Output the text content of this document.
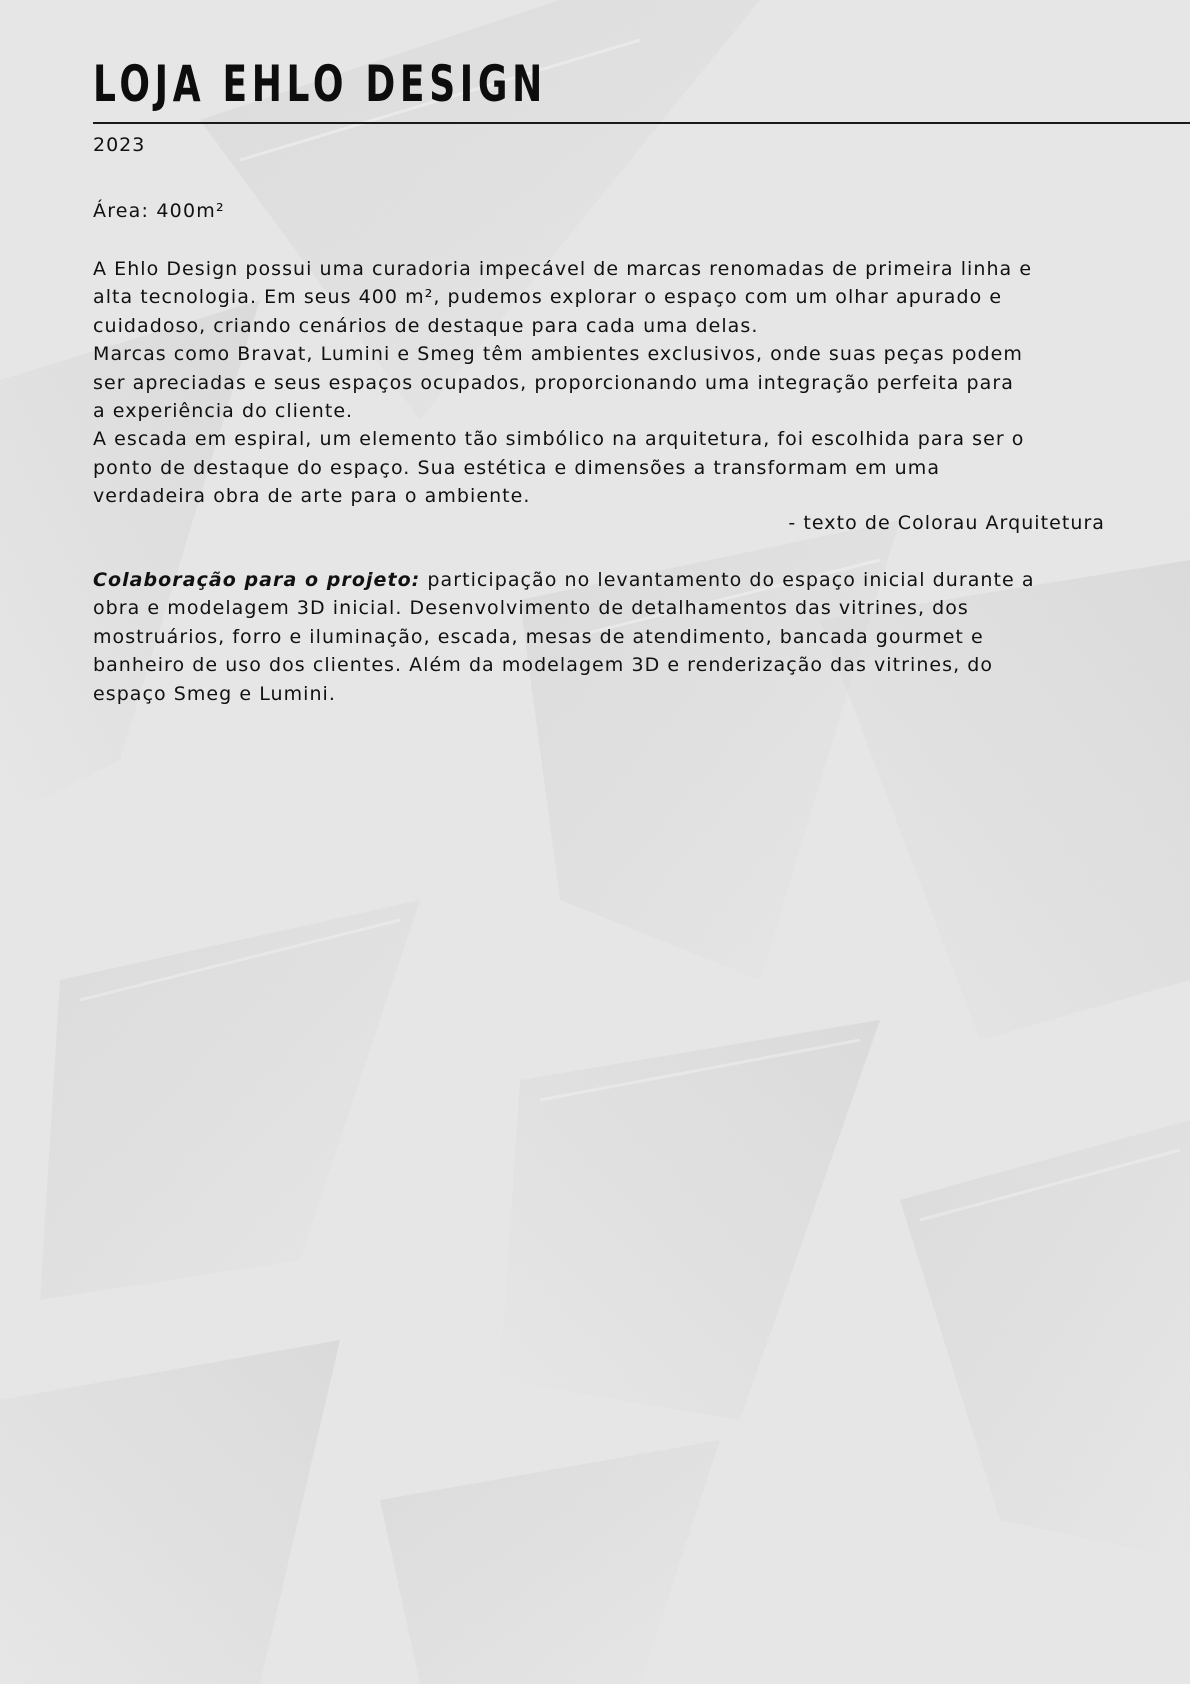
LOJA EHLO DESIGN
2023
Área: 400m²

A Ehlo Design possui uma curadoria impecável de marcas renomadas de primeira linha e
alta tecnologia. Em seus 400 m², pudemos explorar o espaço com um olhar apurado e
cuidadoso, criando cenários de destaque para cada uma delas.
Marcas como Bravat, Lumini e Smeg têm ambientes exclusivos, onde suas peças podem
ser apreciadas e seus espaços ocupados, proporcionando uma integração perfeita para
a experiência do cliente.
A escada em espiral, um elemento tão simbólico na arquitetura, foi escolhida para ser o
ponto de destaque do espaço. Sua estética e dimensões a transformam em uma
verdadeira obra de arte para o ambiente.

- texto de Colorau Arquitetura

Colaboração para o projeto: participação no levantamento do espaço inicial durante a
obra e modelagem 3D inicial. Desenvolvimento de detalhamentos das vitrines, dos
mostruários, forro e iluminação, escada, mesas de atendimento, bancada gourmet e
banheiro de uso dos clientes. Além da modelagem 3D e renderização das vitrines, do
espaço Smeg e Lumini.
